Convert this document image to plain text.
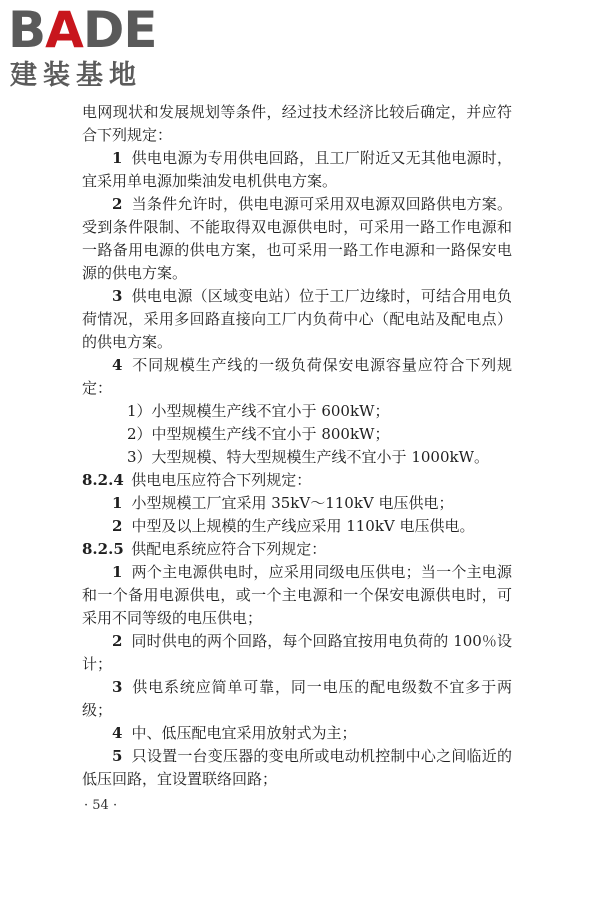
BADE
建装基地

电网现状和发展规划等条件，经过技术经济比较后确定，并应符合下列规定：

1 供电电源为专用供电回路，且工厂附近又无其他电源时，宜采用单电源加柴油发电机供电方案。

2 当条件允许时，供电电源可采用双电源双回路供电方案。受到条件限制、不能取得双电源供电时，可采用一路工作电源和一路备用电源的供电方案，也可采用一路工作电源和一路保安电源的供电方案。

3 供电电源（区域变电站）位于工厂边缘时，可结合用电负荷情况，采用多回路直接向工厂内负荷中心（配电站及配电点）的供电方案。

4 不同规模生产线的一级负荷保安电源容量应符合下列规定：

1）小型规模生产线不宜小于 600kW；

2）中型规模生产线不宜小于 800kW；

3）大型规模、特大型规模生产线不宜小于 1000kW。

8.2.4 供电电压应符合下列规定：

1 小型规模工厂宜采用 35kV～110kV 电压供电；

2 中型及以上规模的生产线应采用 110kV 电压供电。

8.2.5 供配电系统应符合下列规定：

1 两个主电源供电时，应采用同级电压供电；当一个主电源和一个备用电源供电，或一个主电源和一个保安电源供电时，可采用不同等级的电压供电；

2 同时供电的两个回路，每个回路宜按用电负荷的 100％设计；

3 供电系统应简单可靠，同一电压的配电级数不宜多于两级；

4 中、低压配电宜采用放射式为主；

5 只设置一台变压器的变电所或电动机控制中心之间临近的低压回路，宜设置联络回路；

· 54 ·
